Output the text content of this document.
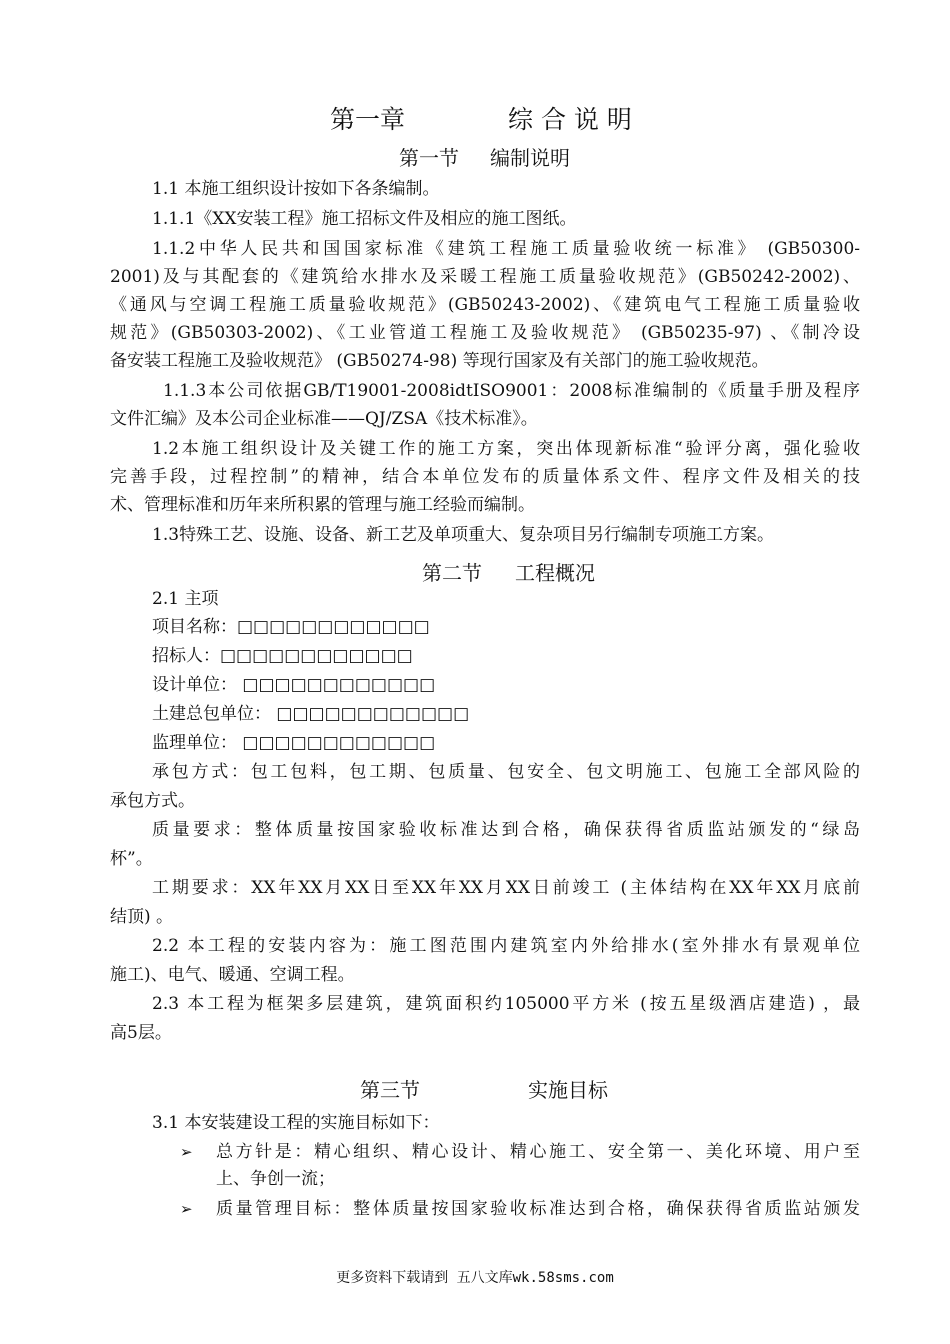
第一章	综 合 说 明
第一节 编制说明
1.1 本施工组织设计按如下各条编制。
1.1.1《XX安装工程》施工招标文件及相应的施工图纸。
1.1.2中华人民共和国国家标准《建筑工程施工质量验收统一标准》 (GB50300-
2001)及与其配套的《建筑给水排水及采暖工程施工质量验收规范》(GB50242-2002)、
《通风与空调工程施工质量验收规范》(GB50243-2002)、《建筑电气工程施工质量验收
规范》(GB50303-2002)、《工业管道工程施工及验收规范》 (GB50235-97) 、《制冷设
备安装工程施工及验收规范》 (GB50274-98) 等现行国家及有关部门的施工验收规范。
1.1.3本公司依据GB/T19001-2008idtISO9001：2008标准编制的《质量手册及程序
文件汇编》及本公司企业标准——QJ/ZSA《技术标准》。
1.2本施工组织设计及关键工作的施工方案，突出体现新标准“验评分离，强化验收
完善手段，过程控制”的精神，结合本单位发布的质量体系文件、程序文件及相关的技
术、管理标准和历年来所积累的管理与施工经验而编制。
1.3特殊工艺、设施、设备、新工艺及单项重大、复杂项目另行编制专项施工方案。
第二节 工程概况
2.1 主项
项目名称：□□□□□□□□□□□□
招标人：□□□□□□□□□□□□
设计单位： □□□□□□□□□□□□
土建总包单位： □□□□□□□□□□□□
监理单位： □□□□□□□□□□□□
承包方式：包工包料，包工期、包质量、包安全、包文明施工、包施工全部风险的
承包方式。
质量要求：整体质量按国家验收标准达到合格，确保获得省质监站颁发的“绿岛
杯”。
工期要求：XX年XX月XX日至XX年XX月XX日前竣工 (主体结构在XX年XX月底前
结顶) 。
2.2 本工程的安装内容为：施工图范围内建筑室内外给排水(室外排水有景观单位
施工)、电气、暖通、空调工程。
2.3 本工程为框架多层建筑，建筑面积约105000平方米 (按五星级酒店建造) ，最
高5层。
第三节	实施目标
3.1 本安装建设工程的实施目标如下：
➢ 总方针是：精心组织、精心设计、精心施工、安全第一、美化环境、用户至
上、争创一流；
➢ 质量管理目标：整体质量按国家验收标准达到合格，确保获得省质监站颁发
更多资料下载请到 五八文库wk.58sms.com
